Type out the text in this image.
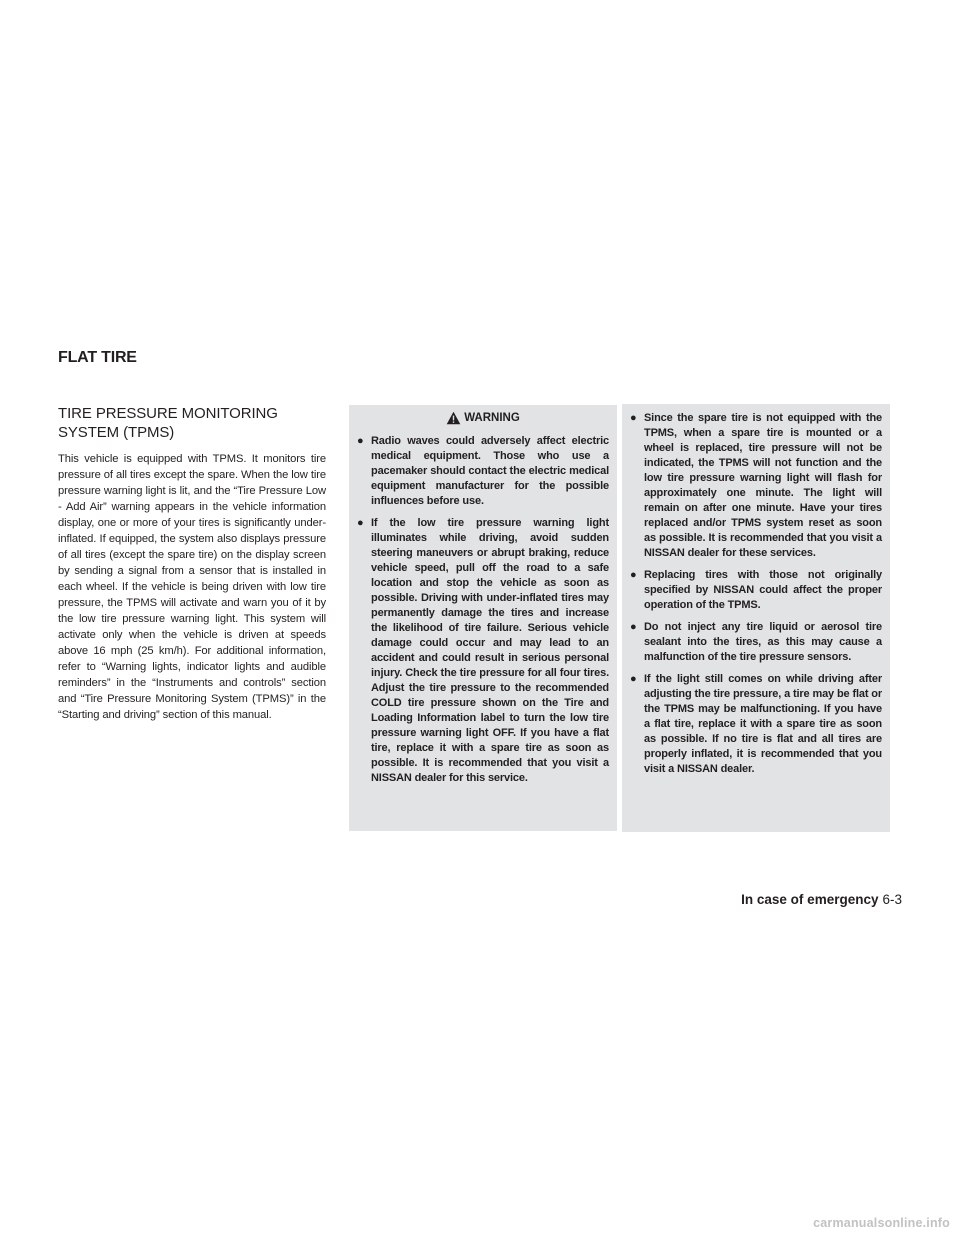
FLAT TIRE
TIRE PRESSURE MONITORING
SYSTEM (TPMS)

This vehicle is equipped with TPMS. It monitors tire pressure of all tires except the spare. When the low tire pressure warning light is lit, and the “Tire Pressure Low - Add Air” warning appears in the vehicle information display, one or more of your tires is significantly under-inflated. If equipped, the system also displays pressure of all tires (except the spare tire) on the display screen by sending a signal from a sensor that is installed in each wheel. If the vehicle is being driven with low tire pressure, the TPMS will activate and warn you of it by the low tire pressure warning light. This system will activate only when the vehicle is driven at speeds above 16 mph (25 km/h). For additional information, refer to “Warning lights, indicator lights and audible reminders” in the “Instruments and controls” section and “Tire Pressure Monitoring System (TPMS)” in the “Starting and driving” section of this manual.

WARNING
● Radio waves could adversely affect electric medical equipment. Those who use a pacemaker should contact the electric medical equipment manufacturer for the possible influences before use.
● If the low tire pressure warning light illuminates while driving, avoid sudden steering maneuvers or abrupt braking, reduce vehicle speed, pull off the road to a safe location and stop the vehicle as soon as possible. Driving with under-inflated tires may permanently damage the tires and increase the likelihood of tire failure. Serious vehicle damage could occur and may lead to an accident and could result in serious personal injury. Check the tire pressure for all four tires. Adjust the tire pressure to the recommended COLD tire pressure shown on the Tire and Loading Information label to turn the low tire pressure warning light OFF. If you have a flat tire, replace it with a spare tire as soon as possible. It is recommended that you visit a NISSAN dealer for this service.
● Since the spare tire is not equipped with the TPMS, when a spare tire is mounted or a wheel is replaced, tire pressure will not be indicated, the TPMS will not function and the low tire pressure warning light will flash for approximately one minute. The light will remain on after one minute. Have your tires replaced and/or TPMS system reset as soon as possible. It is recommended that you visit a NISSAN dealer for these services.
● Replacing tires with those not originally specified by NISSAN could affect the proper operation of the TPMS.
● Do not inject any tire liquid or aerosol tire sealant into the tires, as this may cause a malfunction of the tire pressure sensors.
● If the light still comes on while driving after adjusting the tire pressure, a tire may be flat or the TPMS may be malfunctioning. If you have a flat tire, replace it with a spare tire as soon as possible. If no tire is flat and all tires are properly inflated, it is recommended that you visit a NISSAN dealer.
In case of emergency 6-3
carmanualsonline.info
